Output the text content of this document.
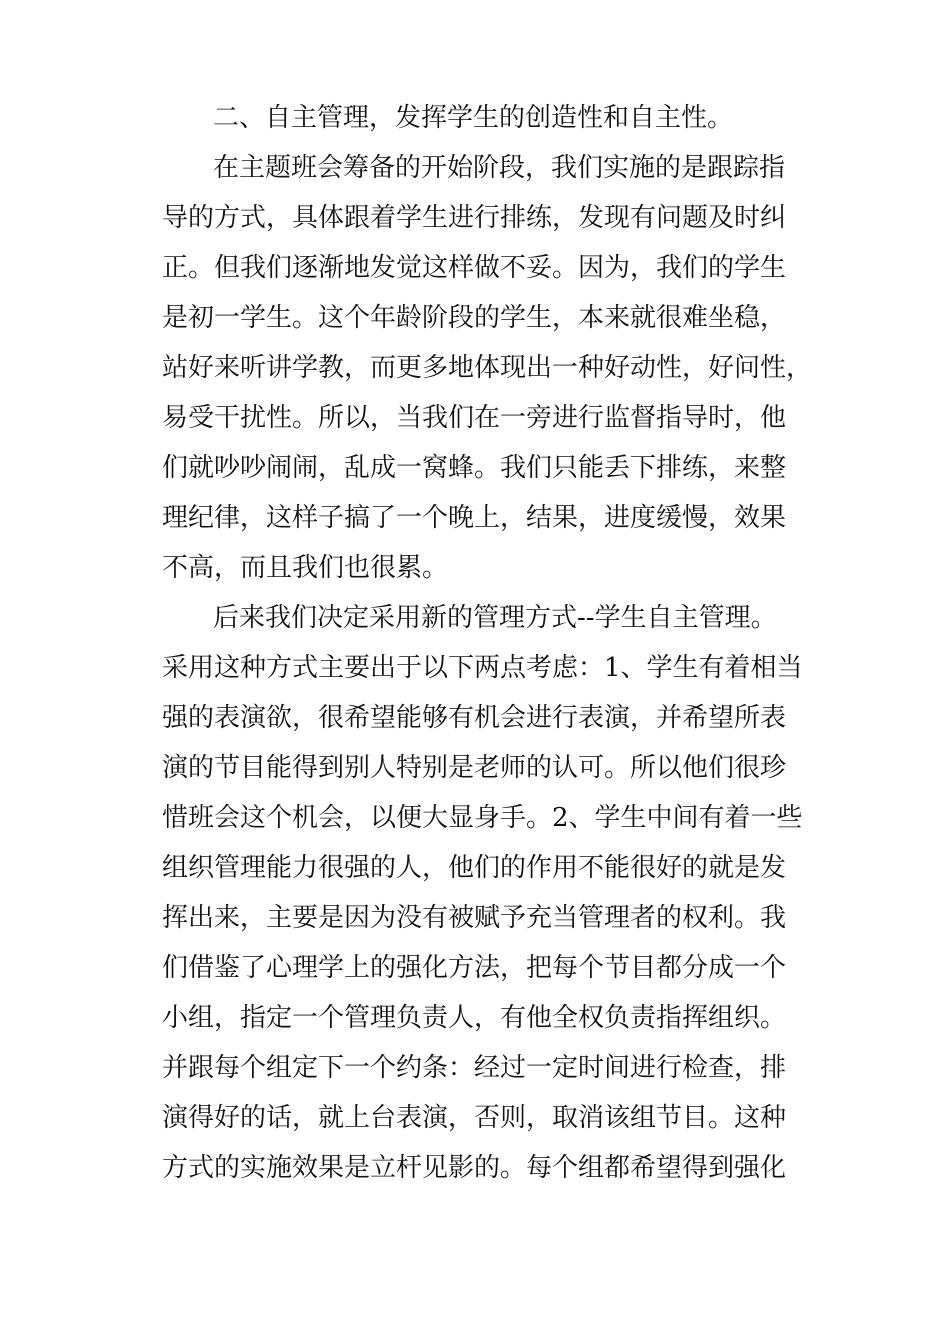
二、自主管理，发挥学生的创造性和自主性。
在主题班会筹备的开始阶段，我们实施的是跟踪指
导的方式，具体跟着学生进行排练，发现有问题及时纠
正。但我们逐渐地发觉这样做不妥。因为，我们的学生
是初一学生。这个年龄阶段的学生，本来就很难坐稳，
站好来听讲学教，而更多地体现出一种好动性，好问性，
易受干扰性。所以，当我们在一旁进行监督指导时，他
们就吵吵闹闹，乱成一窝蜂。我们只能丢下排练，来整
理纪律，这样子搞了一个晚上，结果，进度缓慢，效果
不高，而且我们也很累。
后来我们决定采用新的管理方式--学生自主管理。
采用这种方式主要出于以下两点考虑：1、学生有着相当
强的表演欲，很希望能够有机会进行表演，并希望所表
演的节目能得到别人特别是老师的认可。所以他们很珍
惜班会这个机会，以便大显身手。2、学生中间有着一些
组织管理能力很强的人，他们的作用不能很好的就是发
挥出来，主要是因为没有被赋予充当管理者的权利。我
们借鉴了心理学上的强化方法，把每个节目都分成一个
小组，指定一个管理负责人，有他全权负责指挥组织。
并跟每个组定下一个约条：经过一定时间进行检查，排
演得好的话，就上台表演，否则，取消该组节目。这种
方式的实施效果是立杆见影的。每个组都希望得到强化
